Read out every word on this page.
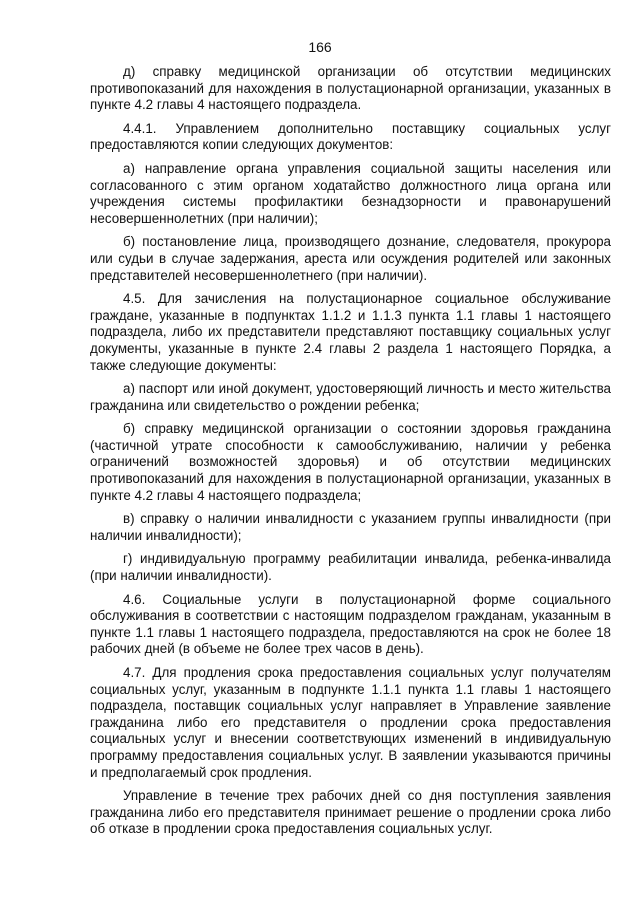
166

д) справку медицинской организации об отсутствии медицинских противопоказаний для нахождения в полустационарной организации, указанных в пункте 4.2 главы 4 настоящего подраздела.

4.4.1. Управлением дополнительно поставщику социальных услуг предоставляются копии следующих документов:

а) направление органа управления социальной защиты населения или согласованного с этим органом ходатайство должностного лица органа или учреждения системы профилактики безнадзорности и правонарушений несовершеннолетних (при наличии);

б) постановление лица, производящего дознание, следователя, прокурора или судьи в случае задержания, ареста или осуждения родителей или законных представителей несовершеннолетнего (при наличии).

4.5. Для зачисления на полустационарное социальное обслуживание граждане, указанные в подпунктах 1.1.2 и 1.1.3 пункта 1.1 главы 1 настоящего подраздела, либо их представители представляют поставщику социальных услуг документы, указанные в пункте 2.4 главы 2 раздела 1 настоящего Порядка, а также следующие документы:

а) паспорт или иной документ, удостоверяющий личность и место жительства гражданина или свидетельство о рождении ребенка;

б) справку медицинской организации о состоянии здоровья гражданина (частичной утрате способности к самообслуживанию, наличии у ребенка ограничений возможностей здоровья) и об отсутствии медицинских противопоказаний для нахождения в полустационарной организации, указанных в пункте 4.2 главы 4 настоящего подраздела;

в) справку о наличии инвалидности с указанием группы инвалидности (при наличии инвалидности);

г) индивидуальную программу реабилитации инвалида, ребенка-инвалида (при наличии инвалидности).

4.6. Социальные услуги в полустационарной форме социального обслуживания в соответствии с настоящим подразделом гражданам, указанным в пункте 1.1 главы 1 настоящего подраздела, предоставляются на срок не более 18 рабочих дней (в объеме не более трех часов в день).

4.7. Для продления срока предоставления социальных услуг получателям социальных услуг, указанным в подпункте 1.1.1 пункта 1.1 главы 1 настоящего подраздела, поставщик социальных услуг направляет в Управление заявление гражданина либо его представителя о продлении срока предоставления социальных услуг и внесении соответствующих изменений в индивидуальную программу предоставления социальных услуг. В заявлении указываются причины и предполагаемый срок продления.

Управление в течение трех рабочих дней со дня поступления заявления гражданина либо его представителя принимает решение о продлении срока либо об отказе в продлении срока предоставления социальных услуг.
